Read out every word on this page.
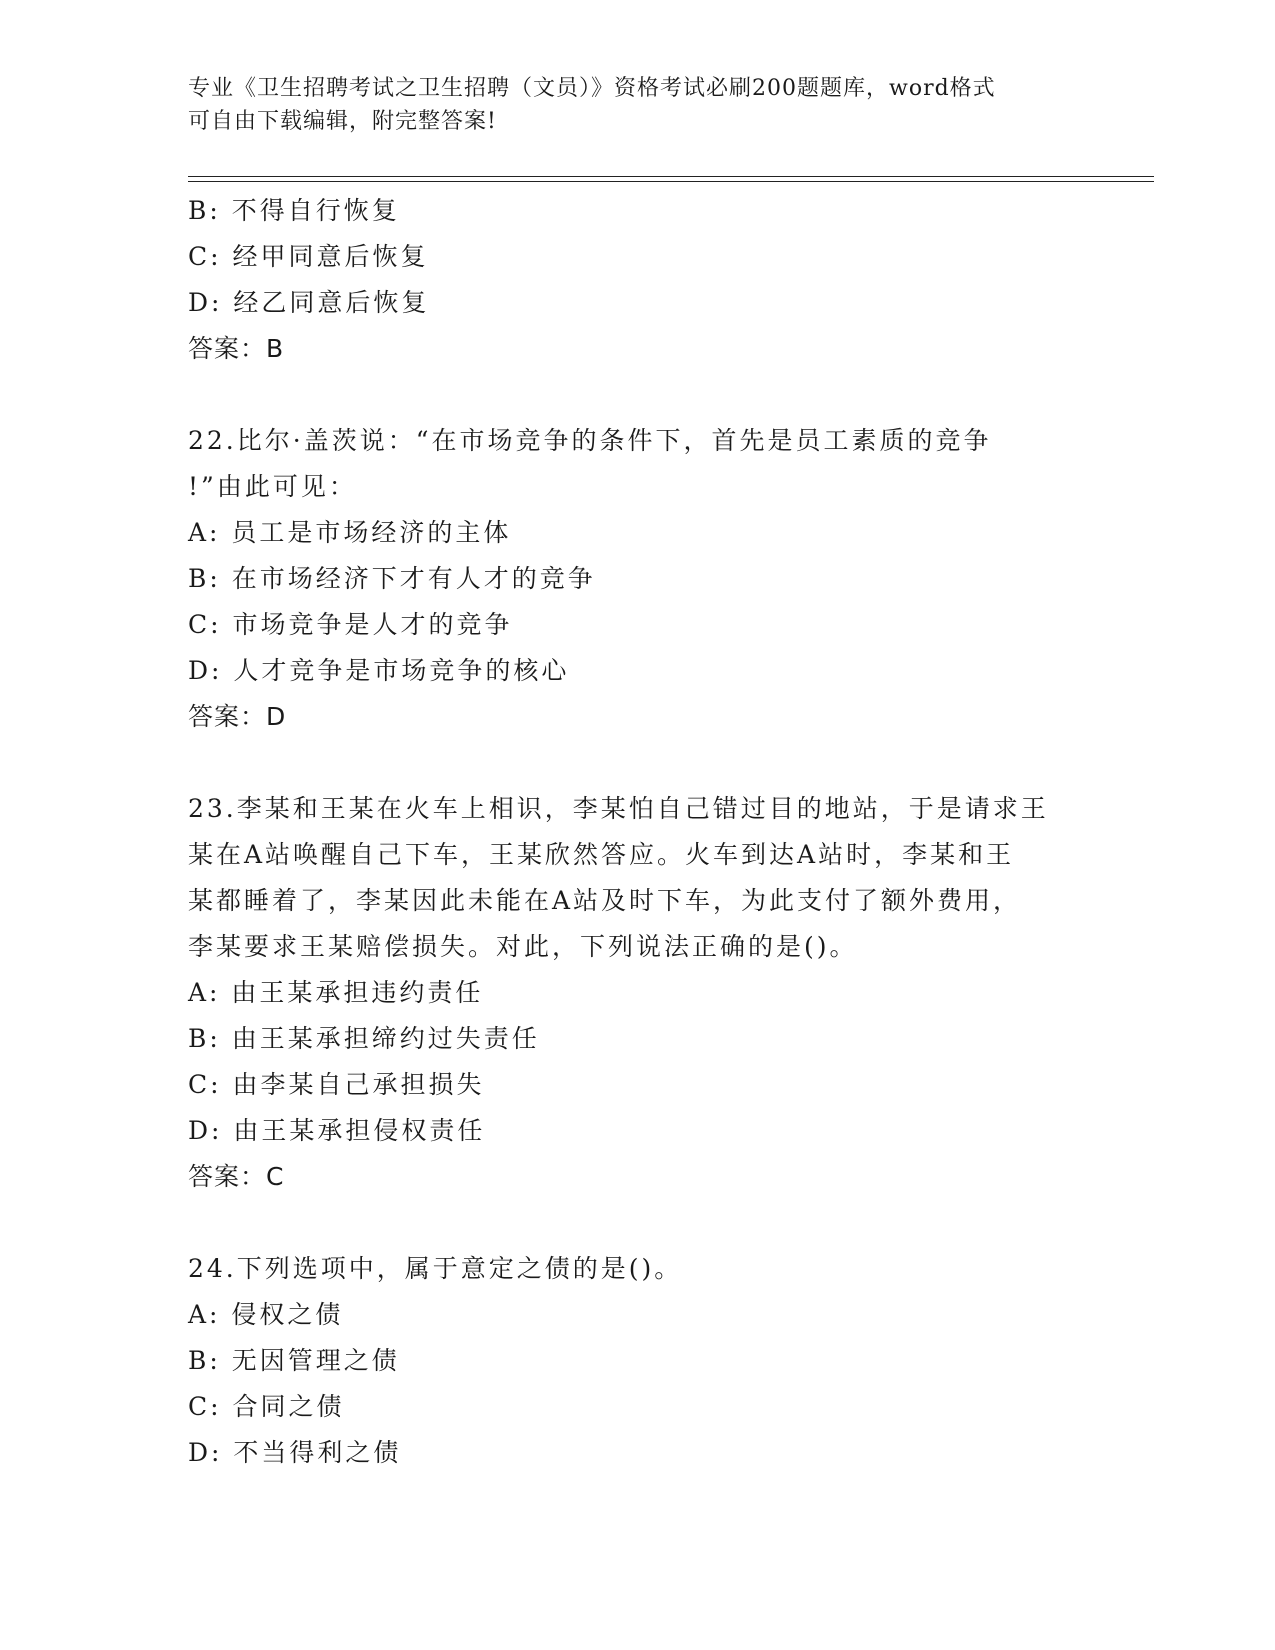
专业《卫生招聘考试之卫生招聘（文员）》资格考试必刷200题题库，word格式
可自由下载编辑，附完整答案!
B: 不得自行恢复
C: 经甲同意后恢复
D: 经乙同意后恢复
答案：B
22.比尔·盖茨说：“在市场竞争的条件下，首先是员工素质的竞争
!”由此可见：
A: 员工是市场经济的主体
B: 在市场经济下才有人才的竞争
C: 市场竞争是人才的竞争
D: 人才竞争是市场竞争的核心
答案：D
23.李某和王某在火车上相识，李某怕自己错过目的地站，于是请求王
某在A站唤醒自己下车，王某欣然答应。火车到达A站时，李某和王
某都睡着了，李某因此未能在A站及时下车，为此支付了额外费用，
李某要求王某赔偿损失。对此，下列说法正确的是()。
A: 由王某承担违约责任
B: 由王某承担缔约过失责任
C: 由李某自己承担损失
D: 由王某承担侵权责任
答案：C
24.下列选项中，属于意定之债的是()。
A: 侵权之债
B: 无因管理之债
C: 合同之债
D: 不当得利之债
